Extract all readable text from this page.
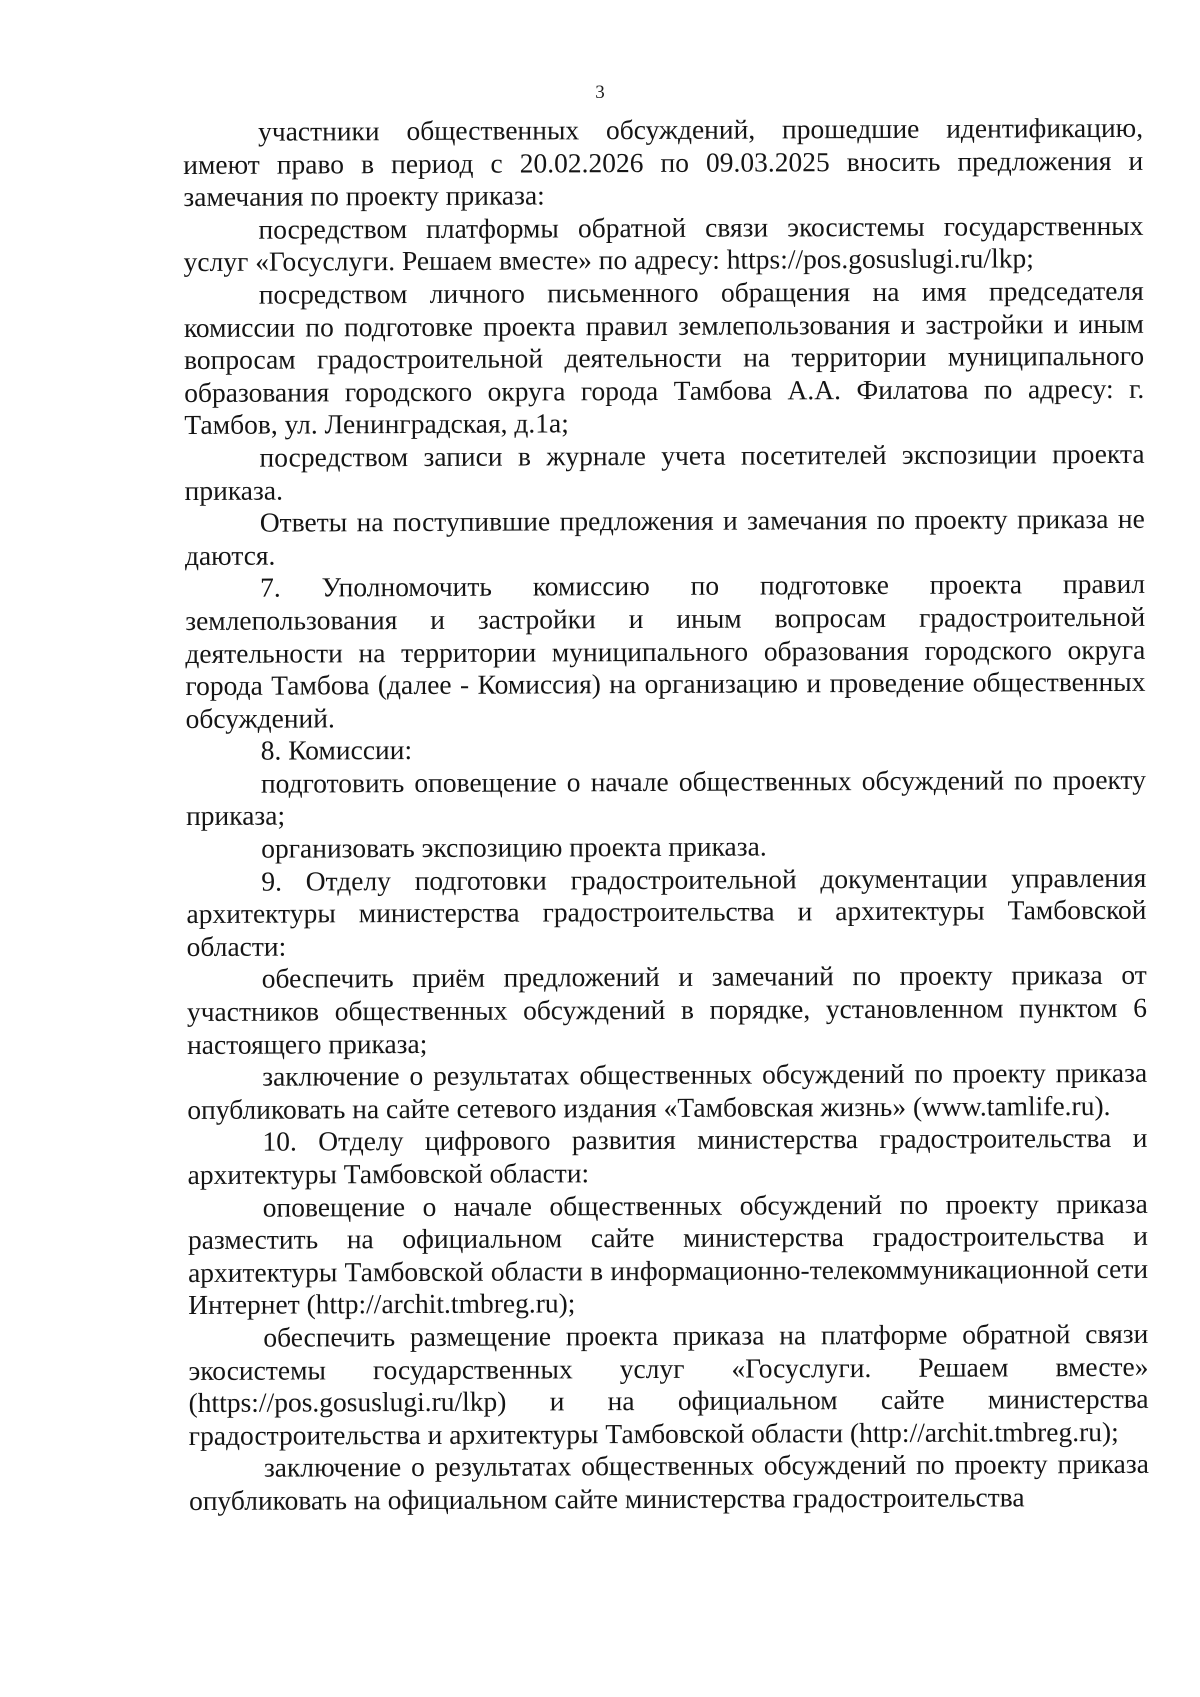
3

участники общественных обсуждений, прошедшие идентификацию, имеют право в период с 20.02.2026 по 09.03.2025 вносить предложения и замечания по проекту приказа:

посредством платформы обратной связи экосистемы государственных услуг «Госуслуги. Решаем вместе» по адресу: https://pos.gosuslugi.ru/lkp;

посредством личного письменного обращения на имя председателя комиссии по подготовке проекта правил землепользования и застройки и иным вопросам градостроительной деятельности на территории муниципального образования городского округа города Тамбова А.А. Филатова по адресу: г. Тамбов, ул. Ленинградская, д.1а;

посредством записи в журнале учета посетителей экспозиции проекта приказа.

Ответы на поступившие предложения и замечания по проекту приказа не даются.

7. Уполномочить комиссию по подготовке проекта правил землепользования и застройки и иным вопросам градостроительной деятельности на территории муниципального образования городского округа города Тамбова (далее - Комиссия) на организацию и проведение общественных обсуждений.

8. Комиссии:

подготовить оповещение о начале общественных обсуждений по проекту приказа;

организовать экспозицию проекта приказа.

9. Отделу подготовки градостроительной документации управления архитектуры министерства градостроительства и архитектуры Тамбовской области:

обеспечить приём предложений и замечаний по проекту приказа от участников общественных обсуждений в порядке, установленном пунктом 6 настоящего приказа;

заключение о результатах общественных обсуждений по проекту приказа опубликовать на сайте сетевого издания «Тамбовская жизнь» (www.tamlife.ru).

10. Отделу цифрового развития министерства градостроительства и архитектуры Тамбовской области:

оповещение о начале общественных обсуждений по проекту приказа разместить на официальном сайте министерства градостроительства и архитектуры Тамбовской области в информационно-телекоммуникационной сети Интернет (http://archit.tmbreg.ru);

обеспечить размещение проекта приказа на платформе обратной связи экосистемы государственных услуг «Госуслуги. Решаем вместе» (https://pos.gosuslugi.ru/lkp) и на официальном сайте министерства градостроительства и архитектуры Тамбовской области (http://archit.tmbreg.ru);

заключение о результатах общественных обсуждений по проекту приказа опубликовать на официальном сайте министерства градостроительства
